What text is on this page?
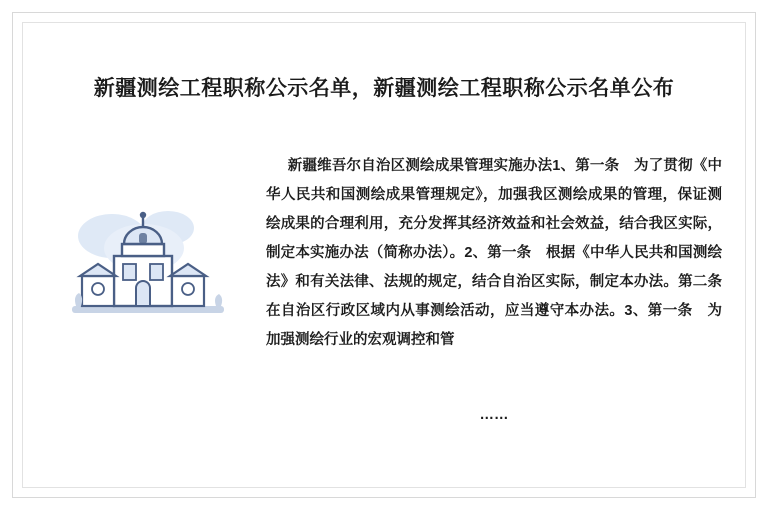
新疆测绘工程职称公示名单，新疆测绘工程职称公示名单公布
新疆维吾尔自治区测绘成果管理实施办法1、第一条　为了贯彻《中华人民共和国测绘成果管理规定》，加强我区测绘成果的管理，保证测绘成果的合理利用，充分发挥其经济效益和社会效益，结合我区实际，制定本实施办法（简称办法）。2、第一条　根据《中华人民共和国测绘法》和有关法律、法规的规定，结合自治区实际，制定本办法。第二条　在自治区行政区域内从事测绘活动，应当遵守本办法。3、第一条　为加强测绘行业的宏观调控和管
……
